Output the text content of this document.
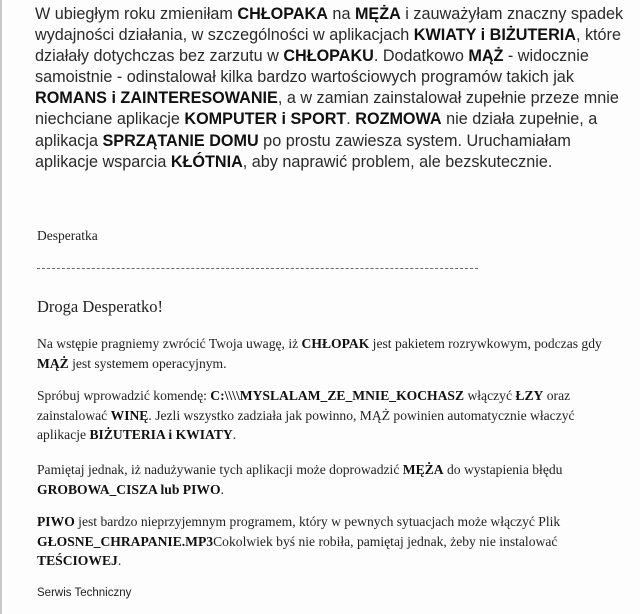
W ubiegłym roku zmieniłam CHŁOPAKA na MĘŻA i zauważyłam znaczny spadek wydajności działania, w szczególności w aplikacjach KWIATY i BIŻUTERIA, które działały dotychczas bez zarzutu w CHŁOPAKU. Dodatkowo MĄŻ - widocznie samoistnie - odinstalował kilka bardzo wartościowych programów takich jak ROMANS i ZAINTERESOWANIE, a w zamian zainstalował zupełnie przeze mnie niechciane aplikacje KOMPUTER i SPORT. ROZMOWA nie działa zupełnie, a aplikacja SPRZĄTANIE DOMU po prostu zawiesza system. Uruchamiałam aplikacje wsparcia KŁÓTNIA, aby naprawić problem, ale bezskutecznie.

Desperatka
Droga Desperatko!

Na wstępie pragniemy zwrócić Twoja uwagę, iż CHŁOPAK jest pakietem rozrywkowym, podczas gdy MĄŻ jest systemem operacyjnym.

Spróbuj wprowadzić komendę: C:\\\\MYSLALAM_ZE_MNIE_KOCHASZ włączyć ŁZY oraz zainstalować WINĘ. Jezli wszystko zadziała jak powinno, MĄŻ powinien automatycznie właczyć aplikacje BIŻUTERIA i KWIATY.

Pamiętaj jednak, iż nadużywanie tych aplikacji może doprowadzić MĘŻA do wystapienia błędu GROBOWA_CISZA lub PIWO.

PIWO jest bardzo nieprzyjemnym programem, który w pewnych sytuacjach może włączyć Plik GŁOSNE_CHRAPANIE.MP3Cokolwiek byś nie robiła, pamiętaj jednak, żeby nie instalować TEŚCIOWEJ.

Serwis Techniczny
